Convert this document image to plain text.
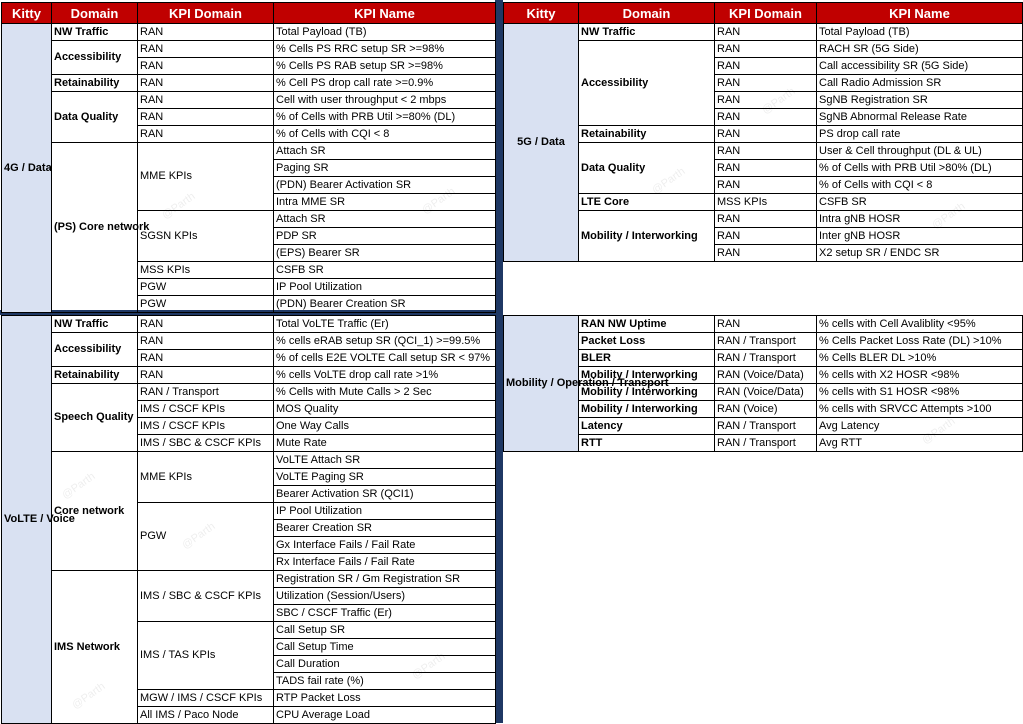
Kitty	Domain	KPI Domain	KPI Name
4G / Data	NW Traffic	RAN	Total Payload (TB)
	Accessibility	RAN	% Cells PS RRC setup SR >=98%
		RAN	% Cells PS RAB setup SR >=98%
	Retainability	RAN	% Cell PS drop call rate >=0.9%
	Data Quality	RAN	Cell with user throughput < 2 mbps
		RAN	% of Cells with PRB Util >=80% (DL)
		RAN	% of Cells with CQI < 8
	(PS) Core network	MME KPIs	Attach SR
			Paging SR
			(PDN) Bearer Activation SR
			Intra MME SR
		SGSN KPIs	Attach SR
			PDP SR
			(EPS) Bearer SR
		MSS KPIs	CSFB SR
		PGW	IP Pool Utilization
		PGW	(PDN) Bearer Creation SR
VoLTE / Voice	NW Traffic	RAN	Total VoLTE Traffic (Er)
	Accessibility	RAN	% cells eRAB setup SR (QCI_1) >=99.5%
		RAN	% of cells E2E VOLTE Call setup SR < 97%
	Retainability	RAN	% cells VoLTE drop call rate >1%
	Speech Quality	RAN / Transport	% Cells with Mute Calls > 2 Sec
		IMS / CSCF KPIs	MOS Quality
		IMS / CSCF KPIs	One Way Calls
		IMS / SBC & CSCF KPIs	Mute Rate
	Core network	MME KPIs	VoLTE Attach SR
			VoLTE Paging SR
			Bearer Activation SR (QCI1)
		PGW	IP Pool Utilization
			Bearer Creation SR
			Gx Interface Fails / Fail Rate
			Rx Interface Fails / Fail Rate
	IMS Network	IMS / SBC & CSCF KPIs	Registration SR / Gm Registration SR
			Utilization (Session/Users)
			SBC / CSCF Traffic (Er)
		IMS / TAS KPIs	Call Setup SR
			Call Setup Time
			Call Duration
			TADS fail rate (%)
		MGW / IMS / CSCF KPIs	RTP Packet Loss
		All IMS / Paco Node	CPU Average Load
Kitty	Domain	KPI Domain	KPI Name
5G / Data	NW Traffic	RAN	Total Payload (TB)
	Accessibility	RAN	RACH SR (5G Side)
		RAN	Call accessibility SR (5G Side)
		RAN	Call Radio Admission SR
		RAN	SgNB Registration SR
		RAN	SgNB Abnormal Release Rate
	Retainability	RAN	PS drop call rate
	Data Quality	RAN	User & Cell throughput (DL & UL)
		RAN	% of Cells with PRB Util >80% (DL)
		RAN	% of Cells with CQI < 8
	LTE Core	MSS KPIs	CSFB SR
	Mobility / Interworking	RAN	Intra gNB HOSR
		RAN	Inter gNB HOSR
		RAN	X2 setup SR / ENDC SR
Mobility / Operation / Transport	RAN NW Uptime	RAN	% cells with Cell Avaliblity <95%
	Packet Loss	RAN / Transport	% Cells Packet Loss Rate (DL) >10%
	BLER	RAN / Transport	% Cells BLER DL >10%
	Mobility / Interworking	RAN (Voice/Data)	% cells with X2 HOSR <98%
	Mobility / Interworking	RAN (Voice/Data)	% cells with S1 HOSR <98%
	Mobility / Interworking	RAN (Voice)	% cells with SRVCC Attempts >100
	Latency	RAN / Transport	Avg Latency
	RTT	RAN / Transport	Avg RTT
@Parth	@Parth
@Parth
@Parth
@Parth
@Parth
@Parth
@Parth
@Parth
@Parth
